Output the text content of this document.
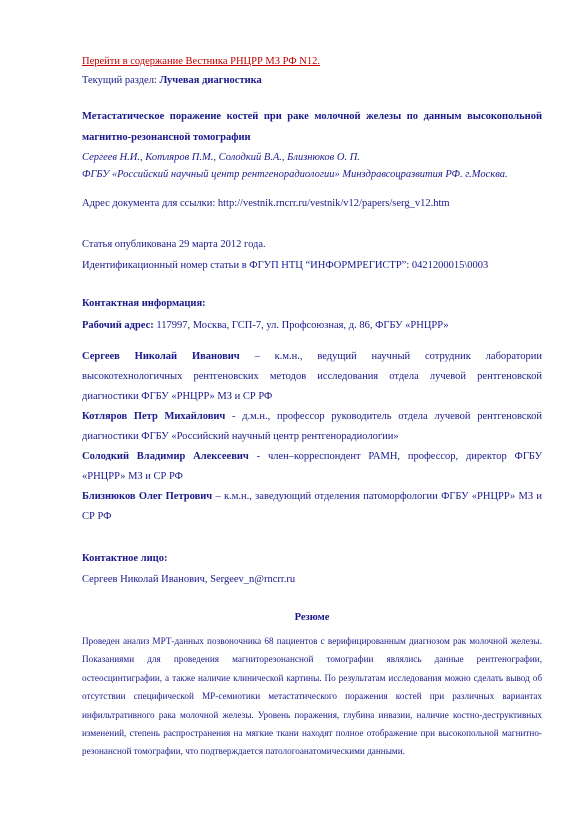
Перейти в содержание Вестника РНЦРР МЗ РФ N12.
Текущий раздел: Лучевая диагностика
Метастатическое поражение костей при раке молочной железы по данным высокопольной магнитно-резонансной томографии
Сергеев Н.И., Котляров П.М., Солодкий В.А., Близнюков О. П.
ФГБУ «Российский научный центр рентгенорадиологии» Минздравсоцразвития РФ. г.Москва.
Адрес документа для ссылки: http://vestnik.rncrr.ru/vestnik/v12/papers/serg_v12.htm
Статья опубликована 29 марта 2012 года.
Идентификационный номер статьи в ФГУП НТЦ “ИНФОРМРЕГИСТР”: 0421200015\0003
Контактная информация:
Рабочий адрес: 117997, Москва, ГСП-7, ул. Профсоюзная, д. 86, ФГБУ «РНЦРР»
Сергеев Николай Иванович – к.м.н., ведущий научный сотрудник лаборатории высокотехнологичных рентгеновских методов исследования отдела лучевой рентгеновской диагностики ФГБУ «РНЦРР» МЗ и СР РФ
Котляров Петр Михайлович - д.м.н., профессор руководитель отдела лучевой рентгеновской диагностики ФГБУ «Российский научный центр рентгенорадиологии»
Солодкий Владимир Алексеевич - член–корреспондент РАМН, профессор, директор ФГБУ «РНЦРР» МЗ и СР РФ
Близнюков Олег Петрович – к.м.н., заведующий отделения патоморфологии ФГБУ «РНЦРР» МЗ и СР РФ
Контактное лицо:
Сергеев Николай Иванович, Sergeev_n@rncrr.ru
Резюме
Проведен анализ МРТ-данных позвоночника 68 пациентов с верифицированным диагнозом рак молочной железы. Показаниями для проведения магниторезонансной томографии являлись данные рентгенографии, остеосцинтиграфии, а также наличие клинической картины. По результатам исследования можно сделать вывод об отсутствии специфической МР-семиотики метастатического поражения костей при различных вариантах инфильтративного рака молочной железы. Уровень поражения, глубина инвазии, наличие костно-деструктивных изменений, степень распространения на мягкие ткани находят полное отображение при высокопольной магнитно-резонансной томографии, что подтверждается патологоанатомическими данными.
